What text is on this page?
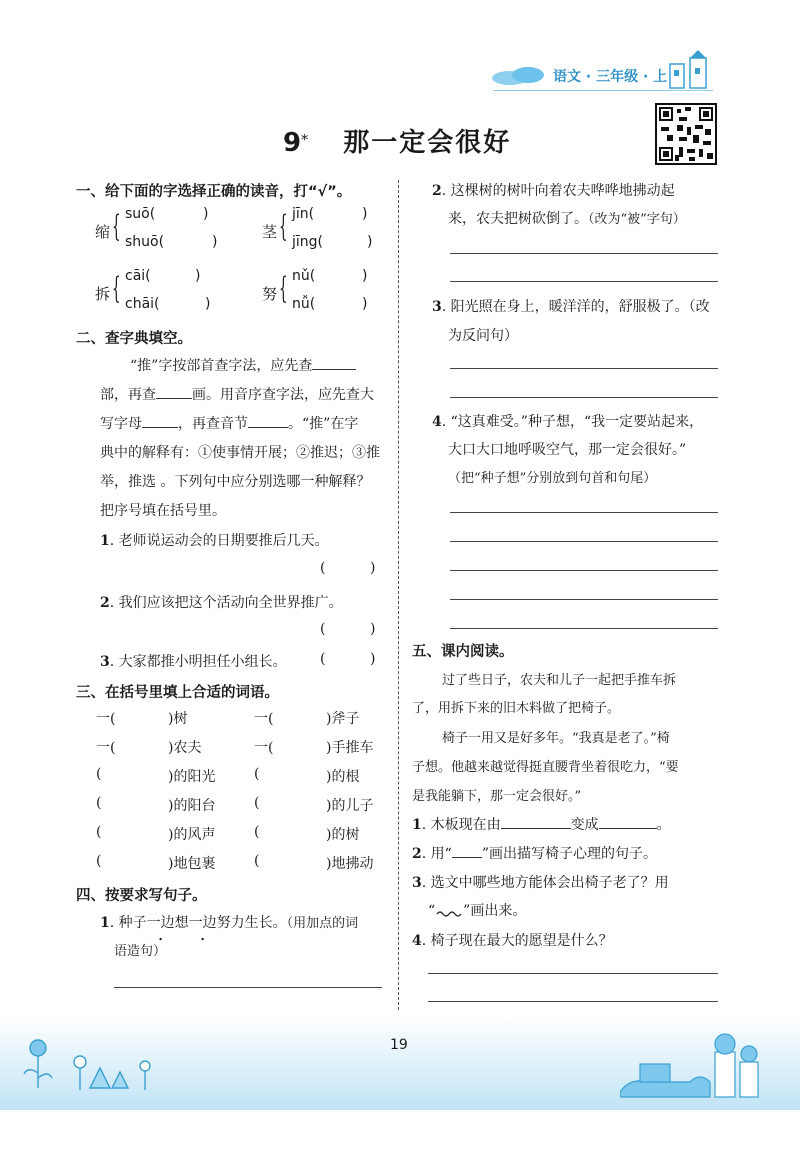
语文 · 三年级 · 上
9* 那一定会很好
一、给下面的字选择正确的读音，打“√”。
缩 { suō(	)
shuō(	)
茎 { jīn(	)
jīng(	)
拆 { cāi(	)
chāi(	)
努 { nǔ(	)
nǚ(	)
二、查字典填空。
“推”字按部首查字法，应先查
部，再查	画。用音序查字法，应先查大
写字母	，再查音节	。“推”在字
典中的解释有：①使事情开展；②推迟；③推
举，推选 。下列句中应分别选哪一种解释？
把序号填在括号里。
1. 老师说运动会的日期要推后几天。
(          )
2. 我们应该把这个活动向全世界推广。
(          )
3. 大家都推小明担任小组长。 (          )
三、在括号里填上合适的词语。
一(	)树	一(	)斧子
一(	)农夫	一(	)手推车
(	)的阳光	(	)的根
(	)的阳台	(	)的儿子
(	)的风声	(	)的树
(	)地包裹	(	)地拂动
四、按要求写句子。
1. 种子一边想一边努力生长。（用加点的词
语造句）
2. 这棵树的树叶向着农夫哗哗地拂动起
来，农夫把树砍倒了。（改为“被”字句）
3. 阳光照在身上，暖洋洋的，舒服极了。（改
为反问句）
4. “这真难受。”种子想，“我一定要站起来，
大口大口地呼吸空气，那一定会很好。”
（把“种子想”分别放到句首和句尾）
五、课内阅读。
过了些日子，农夫和儿子一起把手推车拆
了，用拆下来的旧木料做了把椅子。
椅子一用又是好多年。“我真是老了。”椅
子想。他越来越觉得挺直腰背坐着很吃力，“要
是我能躺下，那一定会很好。”
1. 木板现在由	变成	。
2. 用“ ”画出描写椅子心理的句子。
3. 选文中哪些地方能体会出椅子老了？用
“ ”画出来。
4. 椅子现在最大的愿望是什么？
19
